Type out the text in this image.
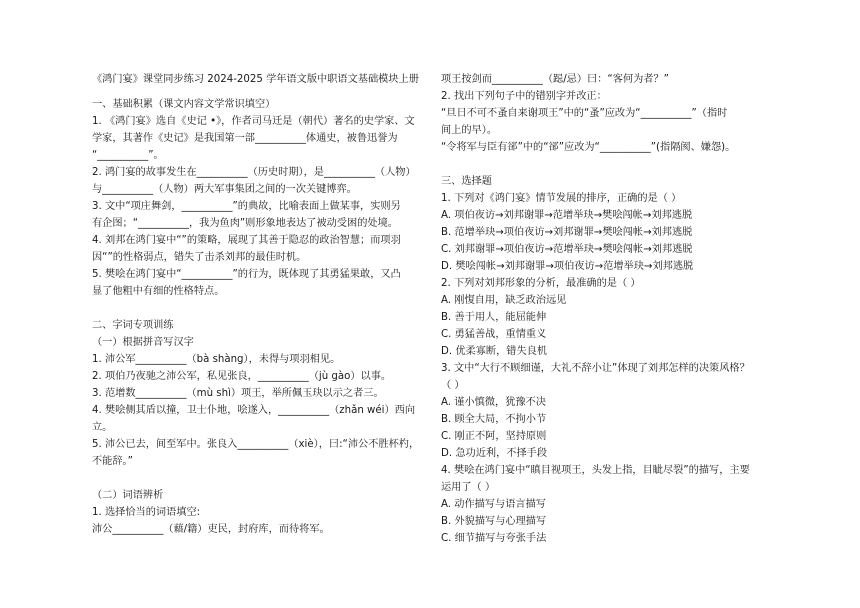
《鸿门宴》课堂同步练习 2024-2025 学年语文版中职语文基础模块上册
一、基础积累（课文内容文学常识填空）
1. 《鸿门宴》选自《史记 •》，作者司马迁是（朝代）著名的史学家、文
学家，其著作《史记》是我国第一部__________体通史，被鲁迅誉为
“__________”。
2. 鸿门宴的故事发生在__________（历史时期），是__________（人物）
与__________（人物）两大军事集团之间的一次关键博弈。
3. 文中“项庄舞剑，__________”的典故，比喻表面上做某事，实则另
有企图；“__________，我为鱼肉”则形象地表达了被动受困的处境。
4. 刘邦在鸿门宴中“”的策略，展现了其善于隐忍的政治智慧；而项羽
因“”的性格弱点，错失了击杀刘邦的最佳时机。
5. 樊哙在鸿门宴中“__________”的行为，既体现了其勇猛果敢，又凸
显了他粗中有细的性格特点。
二、字词专项训练
（一）根据拼音写汉字
1. 沛公军__________（bà shàng），未得与项羽相见。
2. 项伯乃夜驰之沛公军，私见张良，__________（jù gào）以事。
3. 范增数__________（mù shì）项王，举所佩玉玦以示之者三。
4. 樊哙侧其盾以撞，卫士仆地，哙遂入，__________（zhǎn wéi）西向
立。
5. 沛公已去，间至军中。张良入__________（xiè），曰:“沛公不胜杯杓，
不能辞。”
（二）词语辨析
1. 选择恰当的词语填空:
沛公__________（藉/籍）吏民，封府库，而待将军。
项王按剑而__________（跽/忌）曰：“客何为者？”
2. 找出下列句子中的错别字并改正：
“旦日不可不蚤自来谢项王”中的“蚤”应改为“__________”（指时
间上的早）。
“令将军与臣有郤”中的“郤”应改为“__________”(指隔阂、嫌怨)。
三、选择题
1. 下列对《鸿门宴》情节发展的排序，正确的是（ ）
A. 项伯夜访→刘邦谢罪→范增举玦→樊哙闯帐→刘邦逃脱
B. 范增举玦→项伯夜访→刘邦谢罪→樊哙闯帐→刘邦逃脱
C. 刘邦谢罪→项伯夜访→范增举玦→樊哙闯帐→刘邦逃脱
D. 樊哙闯帐→刘邦谢罪→项伯夜访→范增举玦→刘邦逃脱
2. 下列对刘邦形象的分析，最准确的是（ ）
A. 刚愎自用，缺乏政治远见
B. 善于用人，能屈能伸
C. 勇猛善战，重情重义
D. 优柔寡断，错失良机
3. 文中“大行不顾细谨，大礼不辞小让”体现了刘邦怎样的决策风格？
（ ）
A. 谨小慎微，犹豫不决
B. 顾全大局，不拘小节
C. 刚正不阿，坚持原则
D. 急功近利，不择手段
4. 樊哙在鸿门宴中“瞋目视项王，头发上指，目眦尽裂”的描写，主要
运用了（ ）
A. 动作描写与语言描写
B. 外貌描写与心理描写
C. 细节描写与夸张手法
